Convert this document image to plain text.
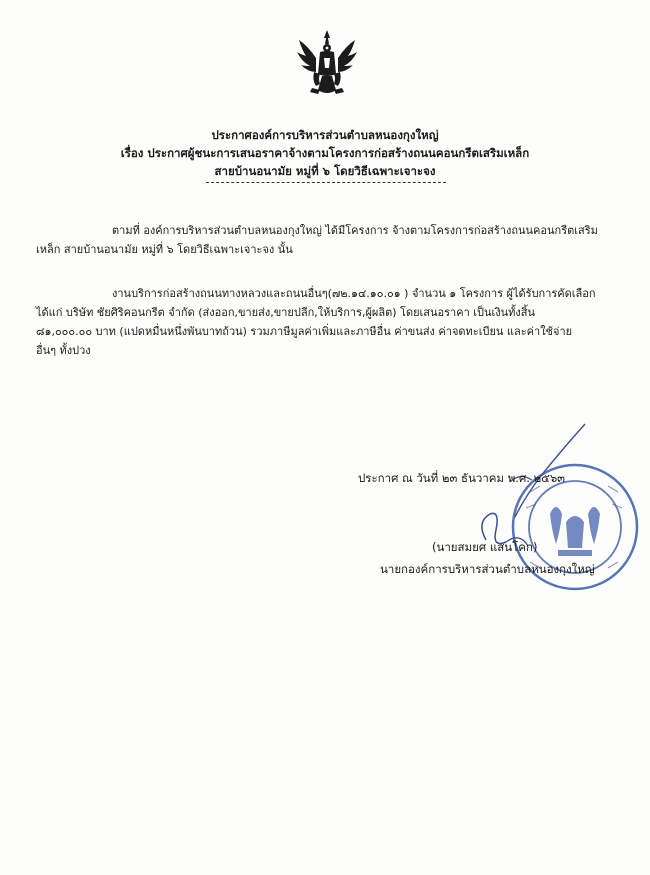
ประกาศองค์การบริหารส่วนตำบลหนองกุงใหญ่
เรื่อง ประกาศผู้ชนะการเสนอราคาจ้างตามโครงการก่อสร้างถนนคอนกรีตเสริมเหล็ก
สายบ้านอนามัย หมู่ที่ ๖ โดยวิธีเฉพาะเจาะจง
ตามที่ องค์การบริหารส่วนตำบลหนองกุงใหญ่ ได้มีโครงการ จ้างตามโครงการก่อสร้างถนนคอนกรีตเสริม
เหล็ก สายบ้านอนามัย หมู่ที่ ๖ โดยวิธีเฉพาะเจาะจง นั้น
งานบริการก่อสร้างถนนทางหลวงและถนนอื่นๆ(๗๒.๑๔.๑๐.๐๑ ) จำนวน ๑ โครงการ ผู้ได้รับการคัดเลือก
ได้แก่ บริษัท ชัยศิริคอนกรีต จำกัด (ส่งออก,ขายส่ง,ขายปลีก,ให้บริการ,ผู้ผลิต) โดยเสนอราคา เป็นเงินทั้งสิ้น
๘๑,๐๐๐.๐๐ บาท (แปดหมื่นหนึ่งพันบาทถ้วน) รวมภาษีมูลค่าเพิ่มและภาษีอื่น ค่าขนส่ง ค่าจดทะเบียน และค่าใช้จ่าย
อื่นๆ ทั้งปวง
ประกาศ ณ วันที่ ๒๓ ธันวาคม พ.ศ. ๒๕๖๓
(นายสมยศ แสนโคก)
นายกองค์การบริหารส่วนตำบลหนองกุงใหญ่
